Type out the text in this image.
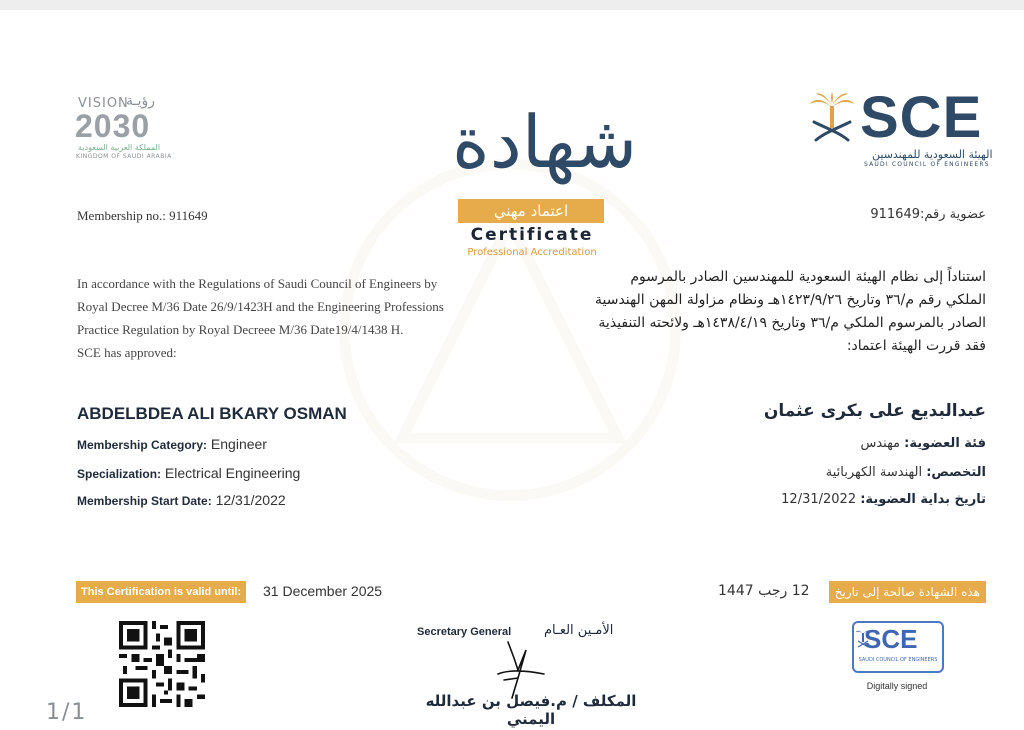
VISION
رؤيـة
2030
المملكة العربية السعودية
KINGDOM OF SAUDI ARABIA
SCE
الهيئة السعودية للمهندسين
SAUDI COUNCIL OF ENGINEERS
شهادة
اعتماد مهني
Certificate
Professional Accreditation
Membership no.: 911649	عضوية رقم:911649
In accordance with the Regulations of Saudi Council of Engineers by
Royal Decree M/36 Date 26/9/1423H and the Engineering Professions
Practice Regulation by Royal Decreee M/36 Date19/4/1438 H.
SCE has approved:
استناداً إلى نظام الهيئة السعودية للمهندسين الصادر بالمرسوم
الملكي رقم م/٣٦ وتاريخ ١٤٢٣/٩/٢٦هـ ونظام مزاولة المهن الهندسية
الصادر بالمرسوم الملكي م/٣٦ وتاريخ ١٤٣٨/٤/١٩هـ ولائحته التنفيذية
فقد قررت الهيئة اعتماد:
ABDELBDEA ALI BKARY OSMAN	عبدالبديع على بكرى عثمان
Membership Category: Engineer
Specialization: Electrical Engineering
Membership Start Date: 12/31/2022
فئة العضوية: مهندس
التخصص: الهندسة الكهربائية
تاريخ بداية العضوية: 12/31/2022
This Certification is valid until:	31 December 2025	هذه الشهادة صالحة إلى تاريخ
12 رجب 1447
Secretary General	الأمـين العـام
المكلف / م.فيصل بن عبدالله اليمني
SCE
SAUDI COUNCIL OF ENGINEERS
Digitally signed
1/1
